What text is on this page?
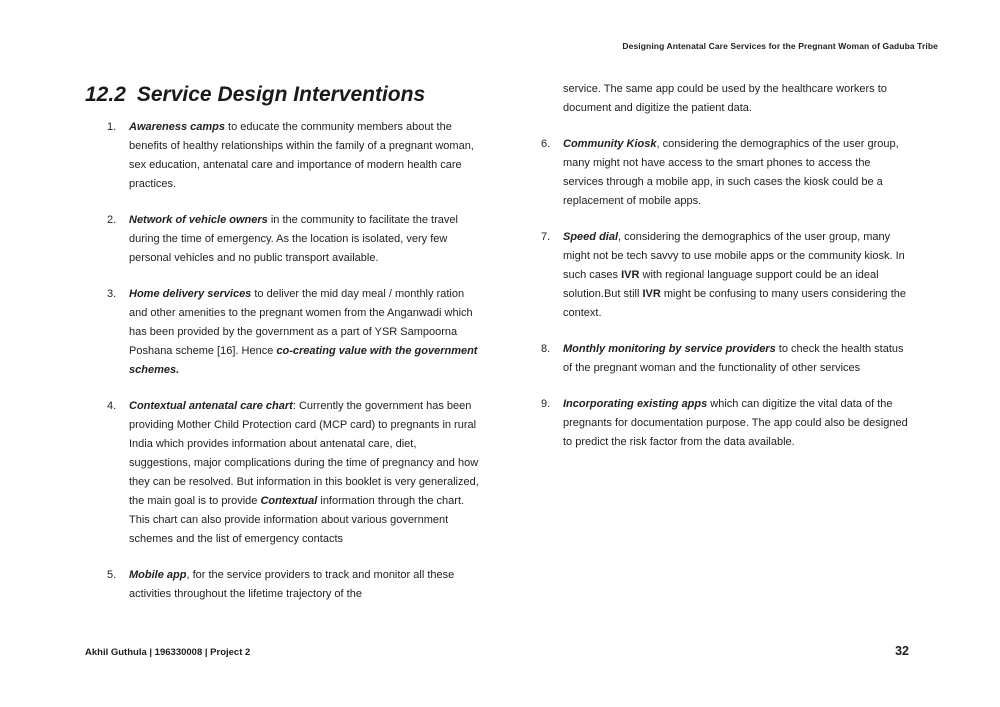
Designing Antenatal Care Services for the Pregnant Woman of Gaduba Tribe
12.2 Service Design Interventions
1.	Awareness camps to educate the community members about the benefits of healthy relationships within the family of a pregnant woman, sex education, antenatal care and importance of modern health care practices.
2.	Network of vehicle owners in the community to facilitate the travel during the time of emergency. As the location is isolated, very few personal vehicles and no public transport available.
3.	Home delivery services to deliver the mid day meal / monthly ration and other amenities to the pregnant women from the Anganwadi which has been provided by the government as a part of YSR Sampoorna Poshana scheme [16]. Hence co-creating value with the government schemes.
4.	Contextual antenatal care chart: Currently the government has been providing Mother Child Protection card (MCP card) to pregnants in rural India which provides information about antenatal care, diet, suggestions, major complications during the time of pregnancy and how they can be resolved. But information in this booklet is very generalized, the main goal is to provide Contextual information through the chart. This chart can also provide information about various government schemes and the list of emergency contacts
5.	Mobile app, for the service providers to track and monitor all these activities throughout the lifetime trajectory of the
service. The same app could be used by the healthcare workers to document and digitize the patient data.
6.	Community Kiosk, considering the demographics of the user group, many might not have access to the smart phones to access the services through a mobile app, in such cases the kiosk could be a replacement of mobile apps.
7.	Speed dial, considering the demographics of the user group, many might not be tech savvy to use mobile apps or the community kiosk. In such cases IVR with regional language support could be an ideal solution.But still IVR might be confusing to many users considering the context.
8.	Monthly monitoring by service providers to check the health status of the pregnant woman and the functionality of other services
9.	Incorporating existing apps which can digitize the vital data of the pregnants for documentation purpose. The app could also be designed to predict the risk factor from the data available.
Akhil Guthula | 196330008 | Project 2	32
